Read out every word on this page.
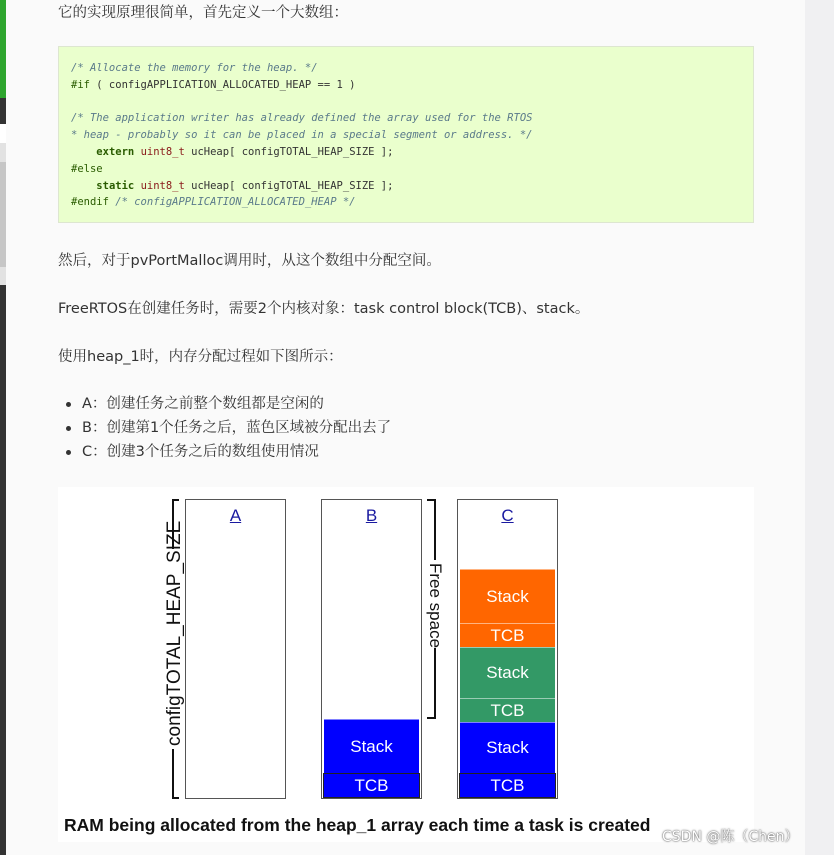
它的实现原理很简单，首先定义一个大数组：
/* Allocate the memory for the heap. */
#if ( configAPPLICATION_ALLOCATED_HEAP == 1 )

/* The application writer has already defined the array used for the RTOS
* heap - probably so it can be placed in a special segment or address. */
extern uint8_t ucHeap[ configTOTAL_HEAP_SIZE ];
#else
static uint8_t ucHeap[ configTOTAL_HEAP_SIZE ];
#endif /* configAPPLICATION_ALLOCATED_HEAP */
然后，对于pvPortMalloc调用时，从这个数组中分配空间。
FreeRTOS在创建任务时，需要2个内核对象：task control block(TCB)、stack。
使用heap_1时，内存分配过程如下图所示：
A：创建任务之前整个数组都是空闲的
B：创建第1个任务之后，蓝色区域被分配出去了
C：创建3个任务之后的数组使用情况
configTOTAL_HEAP_SIZE	Free space
A	B
Stack
TCB
C
Stack
TCB
Stack
TCB
Stack
TCB
RAM being allocated from the heap_1 array each time a task is created
CSDN @陈（Chen）
